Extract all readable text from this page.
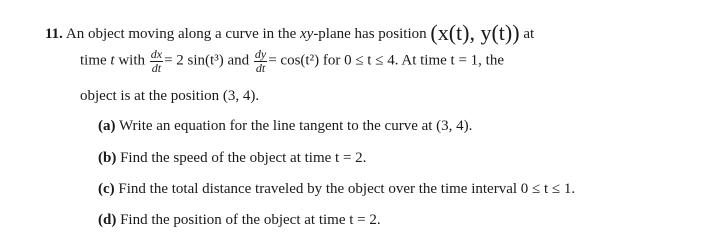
11. An object moving along a curve in the xy-plane has position (x(t), y(t)) at
time t with $\frac{dx}{dt} = 2$ sin(t³) and $\frac{dy}{dt} = \cos(t^2)$ for 0 ≤ t ≤ 4. At time t = 1, the
object is at the position (3, 4).
(a) Write an equation for the line tangent to the curve at (3, 4).
(b) Find the speed of the object at time t = 2.
(c) Find the total distance traveled by the object over the time interval 0 ≤ t ≤ 1.
(d) Find the position of the object at time t = 2.
